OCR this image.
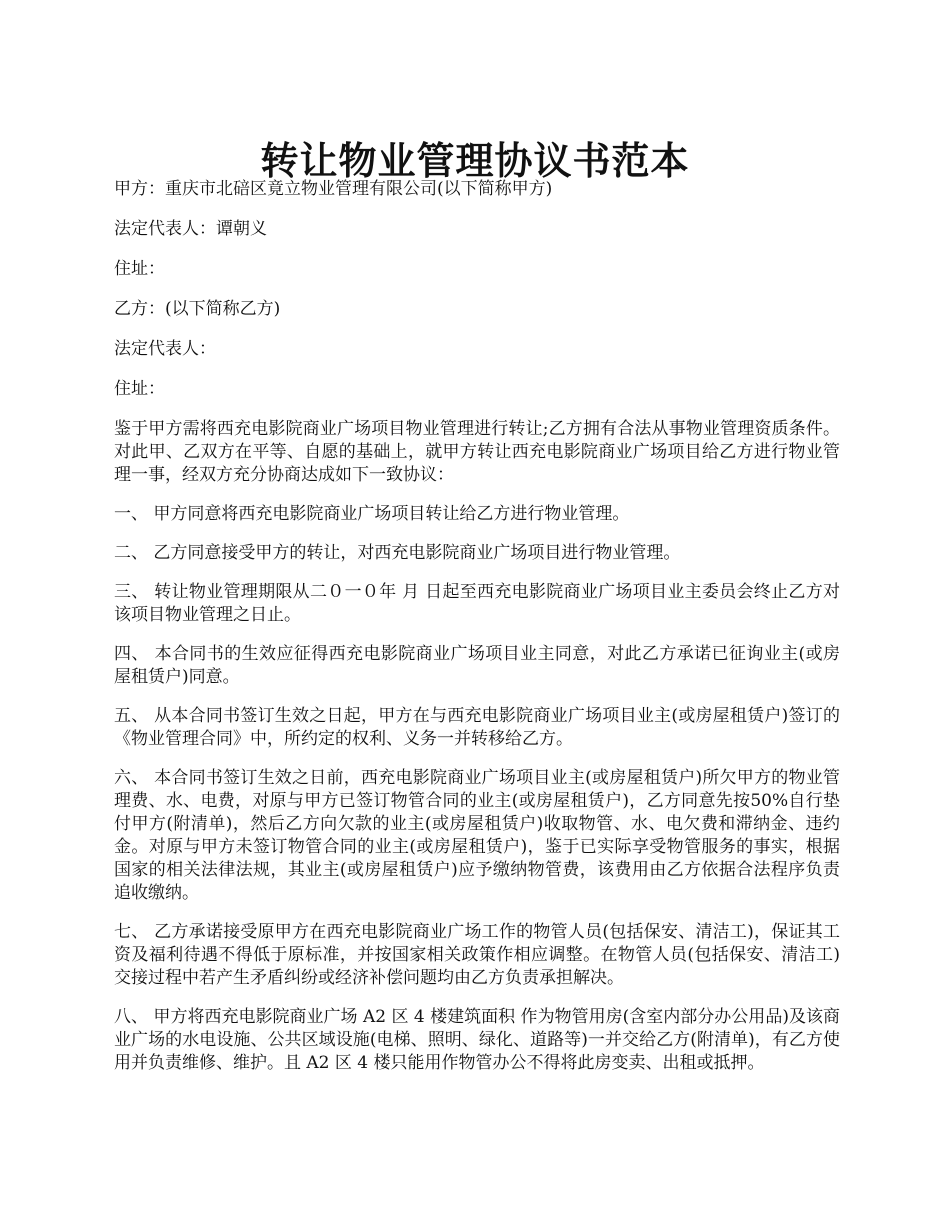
转让物业管理协议书范本

甲方：重庆市北碚区竟立物业管理有限公司(以下简称甲方)

法定代表人：谭朝义

住址：

乙方：(以下简称乙方)

法定代表人：

住址：

鉴于甲方需将西充电影院商业广场项目物业管理进行转让;乙方拥有合法从事物业管理资质条件。对此甲、乙双方在平等、自愿的基础上，就甲方转让西充电影院商业广场项目给乙方进行物业管理一事，经双方充分协商达成如下一致协议：

一、 甲方同意将西充电影院商业广场项目转让给乙方进行物业管理。

二、 乙方同意接受甲方的转让，对西充电影院商业广场项目进行物业管理。

三、 转让物业管理期限从二０一０年 月 日起至西充电影院商业广场项目业主委员会终止乙方对该项目物业管理之日止。

四、 本合同书的生效应征得西充电影院商业广场项目业主同意，对此乙方承诺已征询业主(或房屋租赁户)同意。

五、 从本合同书签订生效之日起，甲方在与西充电影院商业广场项目业主(或房屋租赁户)签订的《物业管理合同》中，所约定的权利、义务一并转移给乙方。

六、 本合同书签订生效之日前，西充电影院商业广场项目业主(或房屋租赁户)所欠甲方的物业管理费、水、电费，对原与甲方已签订物管合同的业主(或房屋租赁户)，乙方同意先按50%自行垫付甲方(附清单)，然后乙方向欠款的业主(或房屋租赁户)收取物管、水、电欠费和滞纳金、违约金。对原与甲方未签订物管合同的业主(或房屋租赁户)，鉴于已实际享受物管服务的事实，根据国家的相关法律法规，其业主(或房屋租赁户)应予缴纳物管费，该费用由乙方依据合法程序负责追收缴纳。

七、 乙方承诺接受原甲方在西充电影院商业广场工作的物管人员(包括保安、清洁工)，保证其工资及福利待遇不得低于原标准，并按国家相关政策作相应调整。在物管人员(包括保安、清洁工)交接过程中若产生矛盾纠纷或经济补偿问题均由乙方负责承担解决。

八、 甲方将西充电影院商业广场 A2 区 4 楼建筑面积 作为物管用房(含室内部分办公用品)及该商业广场的水电设施、公共区域设施(电梯、照明、绿化、道路等)一并交给乙方(附清单)，有乙方使用并负责维修、维护。且 A2 区 4 楼只能用作物管办公不得将此房变卖、出租或抵押。
